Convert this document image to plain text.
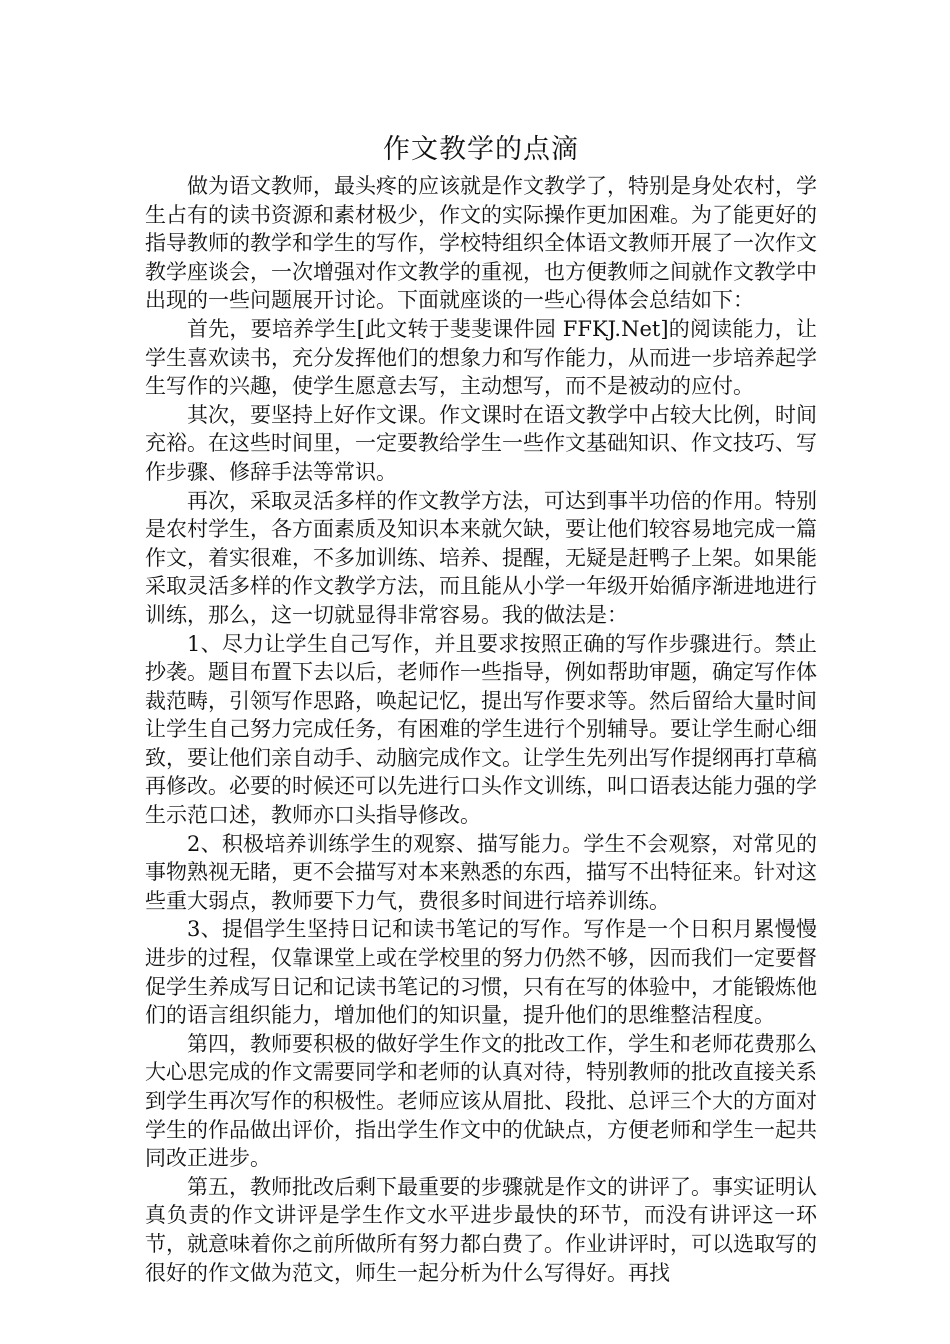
作文教学的点滴

做为语文教师，最头疼的应该就是作文教学了，特别是身处农村，学生占有的读书资源和素材极少，作文的实际操作更加困难。为了能更好的指导教师的教学和学生的写作，学校特组织全体语文教师开展了一次作文教学座谈会，一次增强对作文教学的重视，也方便教师之间就作文教学中出现的一些问题展开讨论。下面就座谈的一些心得体会总结如下：

首先，要培养学生[此文转于斐斐课件园 FFKJ.Net]的阅读能力，让学生喜欢读书，充分发挥他们的想象力和写作能力，从而进一步培养起学生写作的兴趣，使学生愿意去写，主动想写，而不是被动的应付。

其次，要坚持上好作文课。作文课时在语文教学中占较大比例，时间充裕。在这些时间里，一定要教给学生一些作文基础知识、作文技巧、写作步骤、修辞手法等常识。

再次，采取灵活多样的作文教学方法，可达到事半功倍的作用。特别是农村学生，各方面素质及知识本来就欠缺，要让他们较容易地完成一篇作文，着实很难，不多加训练、培养、提醒，无疑是赶鸭子上架。如果能采取灵活多样的作文教学方法，而且能从小学一年级开始循序渐进地进行训练，那么，这一切就显得非常容易。我的做法是：

1、尽力让学生自己写作，并且要求按照正确的写作步骤进行。禁止抄袭。题目布置下去以后，老师作一些指导，例如帮助审题，确定写作体裁范畴，引领写作思路，唤起记忆，提出写作要求等。然后留给大量时间让学生自己努力完成任务，有困难的学生进行个别辅导。要让学生耐心细致，要让他们亲自动手、动脑完成作文。让学生先列出写作提纲再打草稿再修改。必要的时候还可以先进行口头作文训练，叫口语表达能力强的学生示范口述，教师亦口头指导修改。

2、积极培养训练学生的观察、描写能力。学生不会观察，对常见的事物熟视无睹，更不会描写对本来熟悉的东西，描写不出特征来。针对这些重大弱点，教师要下力气，费很多时间进行培养训练。

3、提倡学生坚持日记和读书笔记的写作。写作是一个日积月累慢慢进步的过程，仅靠课堂上或在学校里的努力仍然不够，因而我们一定要督促学生养成写日记和记读书笔记的习惯，只有在写的体验中，才能锻炼他们的语言组织能力，增加他们的知识量，提升他们的思维整洁程度。

第四，教师要积极的做好学生作文的批改工作，学生和老师花费那么大心思完成的作文需要同学和老师的认真对待，特别教师的批改直接关系到学生再次写作的积极性。老师应该从眉批、段批、总评三个大的方面对学生的作品做出评价，指出学生作文中的优缺点，方便老师和学生一起共同改正进步。

第五，教师批改后剩下最重要的步骤就是作文的讲评了。事实证明认真负责的作文讲评是学生作文水平进步最快的环节，而没有讲评这一环节，就意味着你之前所做所有努力都白费了。作业讲评时，可以选取写的很好的作文做为范文，师生一起分析为什么写得好。再找
